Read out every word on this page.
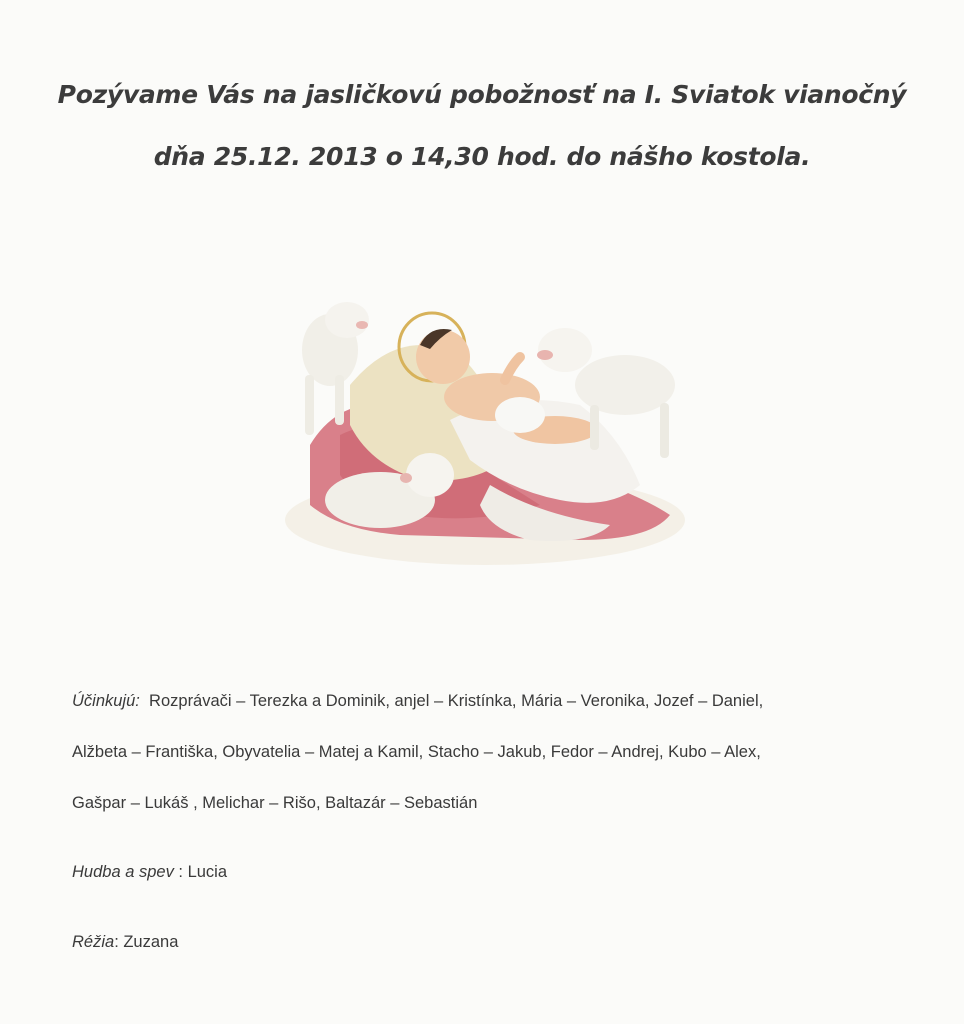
Pozývame Vás na jasličkovú pobožnosť na I. Sviatok vianočný
dňa 25.12. 2013 o 14,30 hod. do nášho kostola.
Účinkujú: Rozprávači – Terezka a Dominik, anjel – Kristínka, Mária – Veronika, Jozef – Daniel,
Alžbeta – Františka, Obyvatelia – Matej a Kamil, Stacho – Jakub, Fedor – Andrej, Kubo – Alex,
Gašpar – Lukáš , Melichar – Rišo, Baltazár – Sebastián
Hudba a spev : Lucia
Réžia: Zuzana
